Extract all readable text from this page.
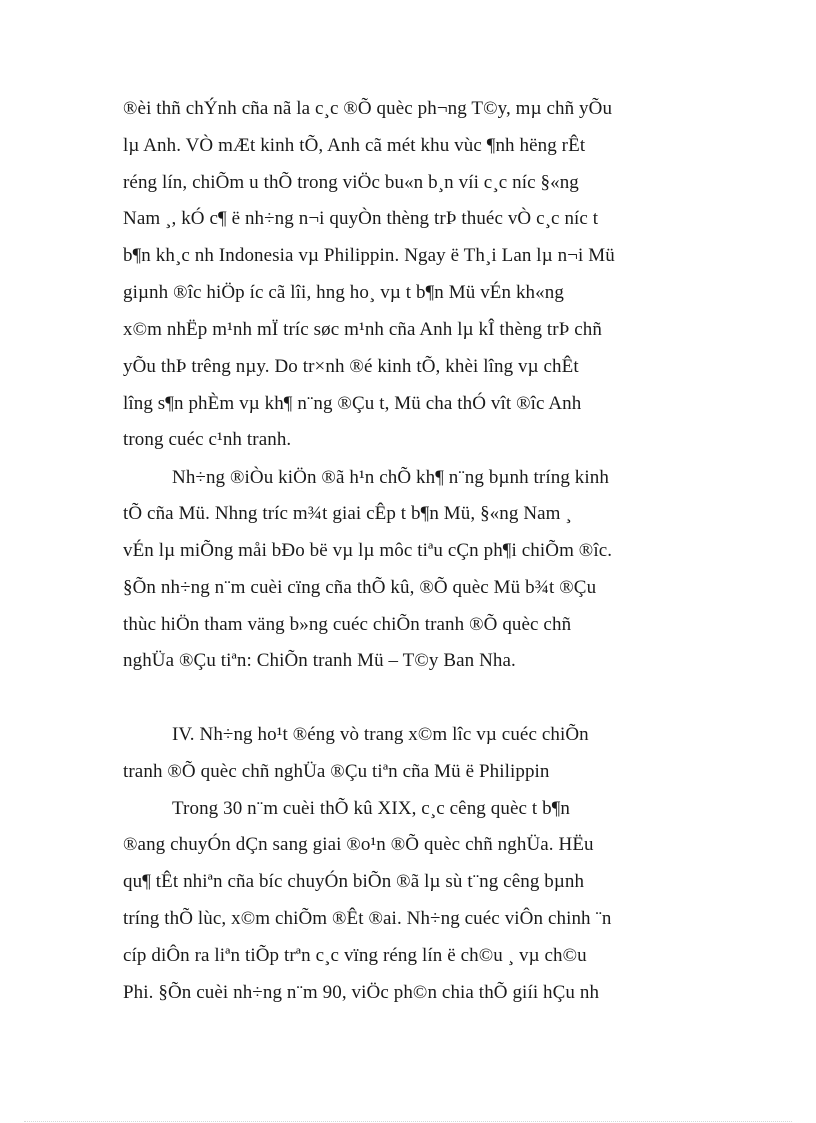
®èi thñ chÝnh cña nã la c¸c ®Õ quèc ph¬ng T©y, mµ chñ yÕu
lµ Anh. VÒ mÆt kinh tÕ, Anh cã mét khu vùc ¶nh hëng rÊt
réng lín, chiÕm u thÕ trong viÖc bu«n b¸n víi c¸c níc §«ng
Nam ¸, kÓ c¶ ë nh÷ng n¬i quyÒn thèng trÞ thuéc vÒ c¸c níc t
b¶n kh¸c nh Indonesia vµ Philippin. Ngay ë Th¸i Lan lµ n¬i Mü
giµnh ®îc hiÖp íc cã lîi, hng ho¸ vµ t b¶n Mü vÉn kh«ng
x©m nhËp m¹nh mÏ tríc søc m¹nh cña Anh lµ kÎ thèng trÞ chñ
yÕu thÞ trêng nµy. Do tr×nh ®é kinh tÕ, khèi lîng vµ chÊt
lîng s¶n phÈm vµ kh¶ n¨ng ®Çu t, Mü cha thÓ vît ®îc Anh
trong cuéc c¹nh tranh.
Nh÷ng ®iÒu kiÖn ®ã h¹n chÕ kh¶ n¨ng bµnh tríng kinh
tÕ cña Mü. Nhng tríc m¾t giai cÊp t b¶n Mü, §«ng Nam ¸
vÉn lµ miÕng måi bÐo bë vµ lµ môc tiªu cÇn ph¶i chiÕm ®îc.
§Õn nh÷ng n¨m cuèi cïng cña thÕ kû, ®Õ quèc Mü b¾t ®Çu
thùc hiÖn tham väng b»ng cuéc chiÕn tranh ®Õ quèc chñ
nghÜa ®Çu tiªn: ChiÕn tranh Mü – T©y Ban Nha.
IV. Nh÷ng ho¹t ®éng vò trang x©m lîc vµ cuéc chiÕn
tranh ®Õ quèc chñ nghÜa ®Çu tiªn cña Mü ë Philippin
Trong 30 n¨m cuèi thÕ kû XIX, c¸c cêng quèc t b¶n
®ang chuyÓn dÇn sang giai ®o¹n ®Õ quèc chñ nghÜa. HËu
qu¶ tÊt nhiªn cña bíc chuyÓn biÕn ®ã lµ sù t¨ng cêng bµnh
tríng thÕ lùc, x©m chiÕm ®Êt ®ai. Nh÷ng cuéc viÔn chinh ¨n
cíp diÔn ra liªn tiÕp trªn c¸c vïng réng lín ë ch©u ¸ vµ ch©u
Phi. §Õn cuèi nh÷ng n¨m 90, viÖc ph©n chia thÕ giíi hÇu nh
